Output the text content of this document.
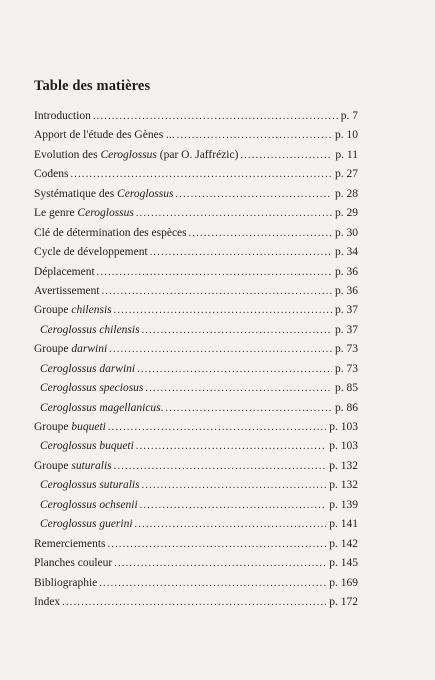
Table des matières
Introduction . . .	p. 7
Apport de l'étude des Gènes ... . . .	p. 10
Evolution des Ceroglossus (par O. Jaffrézic) . . .	p. 11
Codens . . .	p. 27
Systématique des Ceroglossus . . .	p. 28
Le genre Ceroglossus . . .	p. 29
Clé de détermination des espèces . . .	p. 30
Cycle de développement . . .	p. 34
Déplacement . . .	p. 36
Avertissement . . .	p. 36
Groupe chilensis . . .	p. 37
Ceroglossus chilensis . . .	p. 37
Groupe darwini . . .	p. 73
Ceroglossus darwini . . .	p. 73
Ceroglossus speciosus . . .	p. 85
Ceroglossus magellanicus. . . .	p. 86
Groupe buqueti . . .	p. 103
Ceroglossus buqueti . . .	p. 103
Groupe suturalis . . .	p. 132
Ceroglossus suturalis . . .	p. 132
Ceroglossus ochsenii . . .	p. 139
Ceroglossus guerini . . .	p. 141
Remerciements . . .	p. 142
Planches couleur . . .	p. 145
Bibliographie . . .	p. 169
Index . . .	p. 172
